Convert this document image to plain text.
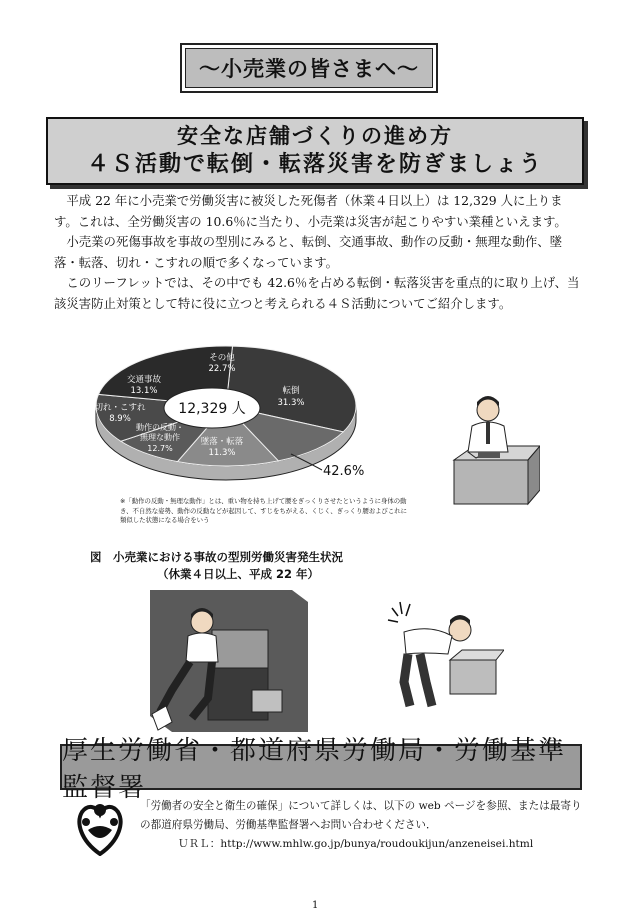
～小売業の皆さまへ～
安全な店舗づくりの進め方
４Ｓ活動で転倒・転落災害を防ぎましょう

　平成 22 年に小売業で労働災害に被災した死傷者（休業４日以上）は 12,329 人に上ります。これは、全労働災害の 10.6％に当たり、小売業は災害が起こりやすい業種といえます。

　小売業の死傷事故を事故の型別にみると、転倒、交通事故、動作の反動・無理な動作、墜落・転落、切れ・こすれの順で多くなっています。

　このリーフレットでは、その中でも 42.6％を占める転倒・転落災害を重点的に取り上げ、当該災害防止対策として特に役に立つと考えられる４Ｓ活動についてご紹介します。

12,329 人
その他
22.7%
転倒
31.3%
交通事故
13.1%
切れ・こすれ
8.9%
動作の反動・
無理な動作
12.7%
墜落・転落
11.3%
42.6%
※「動作の反動・無理な動作」とは、重い物を持ち上げて腰をぎっくりさせたというように身体の動き、不自然な姿勢、動作の反動などが起因して、すじをちがえる、くじく、ぎっくり腰およびこれに類似した状態になる場合をいう
図　小売業における事故の型別労働災害発生状況
（休業４日以上、平成 22 年）
厚生労働省・都道府県労働局・労働基準監督署
「労働者の安全と衛生の確保」について詳しくは、以下の web ページを参照、または最寄りの都道府県労働局、労働基準監督署へお問い合わせください．
ＵＲＬ：http://www.mhlw.go.jp/bunya/roudoukijun/anzeneisei.html
1
